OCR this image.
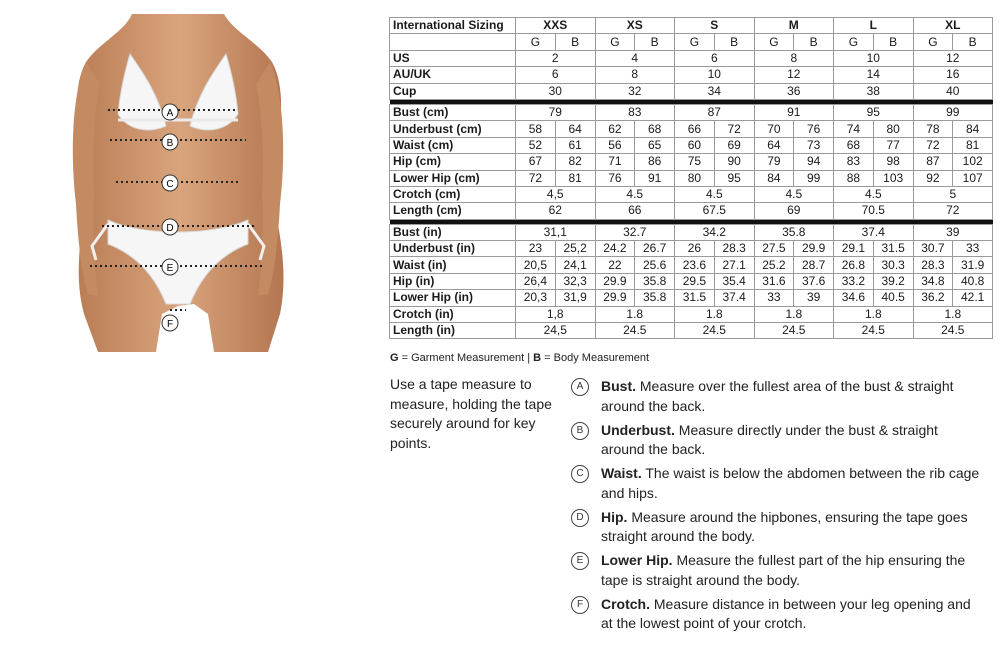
A
B
C
D
E
F
International Sizing	XXS		XS		S		M		L		XL	
	G	B	G	B	G	B	G	B	G	B	G	B
US	2		4		6		8		10		12	
AU/UK	6		8		10		12		14		16	
Cup	30		32		34		36		38		40	

Bust (cm)	79		83		87		91		95		99	
Underbust (cm)	58	64	62	68	66	72	70	76	74	80	78	84
Waist (cm)	52	61	56	65	60	69	64	73	68	77	72	81
Hip (cm)	67	82	71	86	75	90	79	94	83	98	87	102
Lower Hip (cm)	72	81	76	91	80	95	84	99	88	103	92	107
Crotch (cm)	4,5		4.5		4.5		4.5		4.5		5	
Length (cm)	62		66		67.5		69		70.5		72	

Bust (in)	31,1		32.7		34.2		35.8		37.4		39	
Underbust (in)	23	25,2	24.2	26.7	26	28.3	27.5	29.9	29.1	31.5	30.7	33
Waist (in)	20,5	24,1	22	25.6	23.6	27.1	25.2	28.7	26.8	30.3	28.3	31.9
Hip (in)	26,4	32,3	29.9	35.8	29.5	35.4	31.6	37.6	33.2	39.2	34.8	40.8
Lower Hip (in)	20,3	31,9	29.9	35.8	31.5	37.4	33	39	34.6	40.5	36.2	42.1
Crotch (in)	1,8		1.8		1.8		1.8		1.8		1.8	
Length (in)	24,5		24.5		24.5		24.5		24.5		24.5	
G = Garment Measurement | B = Body Measurement
Use a tape measure to measure, holding the tape securely around for key points.
A	Bust. Measure over the fullest area of the bust & straight around the back.
B	Underbust. Measure directly under the bust & straight around the back.
C	Waist. The waist is below the abdomen between the rib cage and hips.
D	Hip. Measure around the hipbones, ensuring the tape goes straight around the body.
E	Lower Hip. Measure the fullest part of the hip ensuring the tape is straight around the body.
F	Crotch. Measure distance in between your leg opening and at the lowest point of your crotch.
